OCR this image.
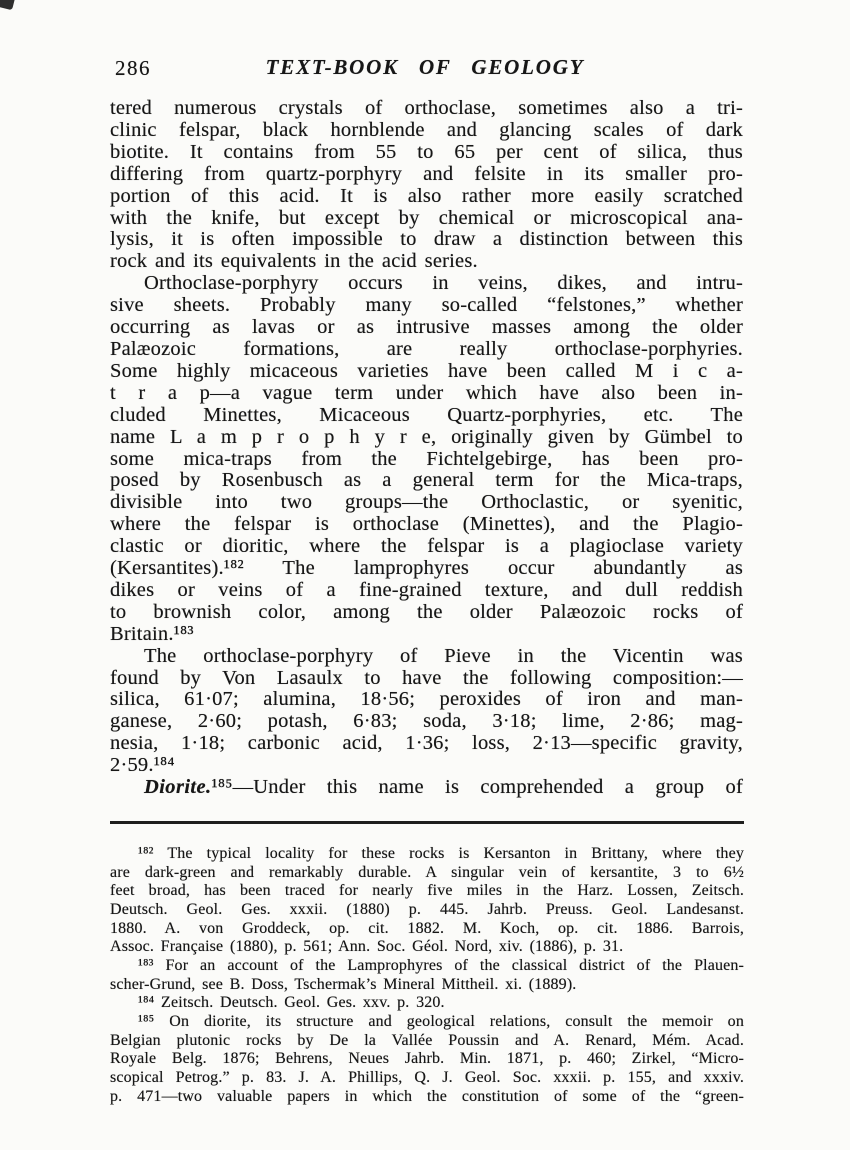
286	TEXT-BOOK OF GEOLOGY
tered numerous crystals of orthoclase, sometimes also a tri-
clinic felspar, black hornblende and glancing scales of dark
biotite. It contains from 55 to 65 per cent of silica, thus
differing from quartz-porphyry and felsite in its smaller pro-
portion of this acid. It is also rather more easily scratched
with the knife, but except by chemical or microscopical ana-
lysis, it is often impossible to draw a distinction between this
rock and its equivalents in the acid series.
Orthoclase-porphyry occurs in veins, dikes, and intru-
sive sheets. Probably many so-called “felstones,” whether
occurring as lavas or as intrusive masses among the older
Palæozoic formations, are really orthoclase-porphyries.
Some highly micaceous varieties have been called M i c a-
t r a p—a vague term under which have also been in-
cluded Minettes, Micaceous Quartz-porphyries, etc. The
name L a m p r o p h y r e, originally given by Gümbel to
some mica-traps from the Fichtelgebirge, has been pro-
posed by Rosenbusch as a general term for the Mica-traps,
divisible into two groups—the Orthoclastic, or syenitic,
where the felspar is orthoclase (Minettes), and the Plagio-
clastic or dioritic, where the felspar is a plagioclase variety
(Kersantites).¹⁸² The lamprophyres occur abundantly as
dikes or veins of a fine-grained texture, and dull reddish
to brownish color, among the older Palæozoic rocks of
Britain.¹⁸³
The orthoclase-porphyry of Pieve in the Vicentin was
found by Von Lasaulx to have the following composition:—
silica, 61·07; alumina, 18·56; peroxides of iron and man-
ganese, 2·60; potash, 6·83; soda, 3·18; lime, 2·86; mag-
nesia, 1·18; carbonic acid, 1·36; loss, 2·13—specific gravity,
2·59.¹⁸⁴
Diorite.¹⁸⁵—Under this name is comprehended a group of
¹⁸² The typical locality for these rocks is Kersanton in Brittany, where they
are dark-green and remarkably durable. A singular vein of kersantite, 3 to 6½
feet broad, has been traced for nearly five miles in the Harz. Lossen, Zeitsch.
Deutsch. Geol. Ges. xxxii. (1880) p. 445. Jahrb. Preuss. Geol. Landesanst.
1880. A. von Groddeck, op. cit. 1882. M. Koch, op. cit. 1886. Barrois,
Assoc. Française (1880), p. 561; Ann. Soc. Géol. Nord, xiv. (1886), p. 31.
¹⁸³ For an account of the Lamprophyres of the classical district of the Plauen-
scher-Grund, see B. Doss, Tschermak’s Mineral Mittheil. xi. (1889).
¹⁸⁴ Zeitsch. Deutsch. Geol. Ges. xxv. p. 320.
¹⁸⁵ On diorite, its structure and geological relations, consult the memoir on
Belgian plutonic rocks by De la Vallée Poussin and A. Renard, Mém. Acad.
Royale Belg. 1876; Behrens, Neues Jahrb. Min. 1871, p. 460; Zirkel, “Micro-
scopical Petrog.” p. 83. J. A. Phillips, Q. J. Geol. Soc. xxxii. p. 155, and xxxiv.
p. 471—two valuable papers in which the constitution of some of the “green-
